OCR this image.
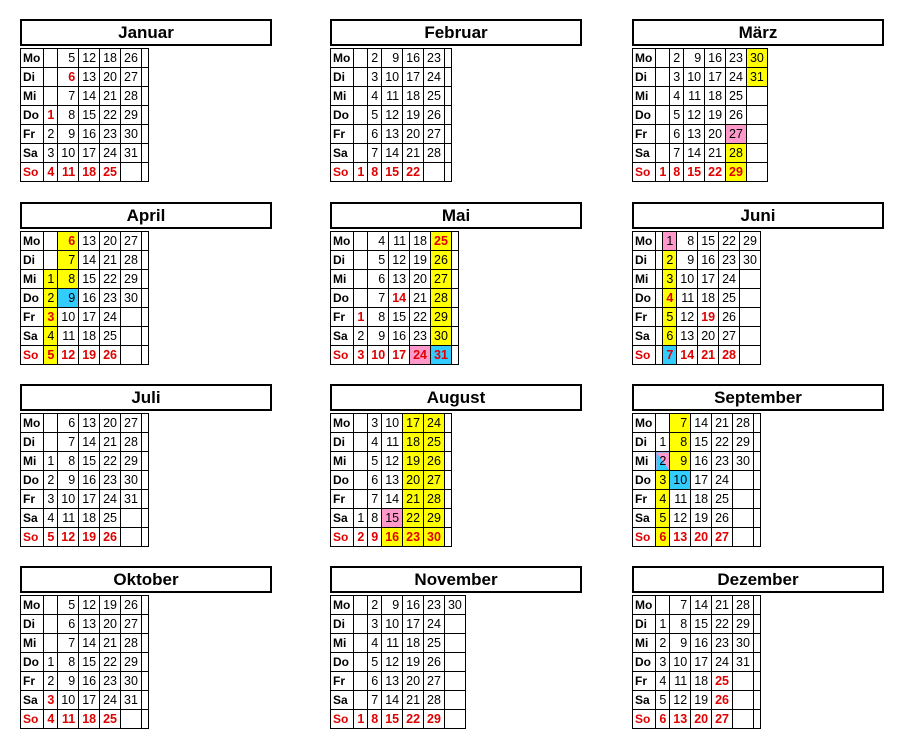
Januar
Mo		5	12	18	26	
Di		6	13	20	27	
Mi		7	14	21	28	
Do	1	8	15	22	29	
Fr	2	9	16	23	30	
Sa	3	10	17	24	31	
So	4	11	18	25		
Februar
Mo		2	9	16	23	
Di		3	10	17	24	
Mi		4	11	18	25	
Do		5	12	19	26	
Fr		6	13	20	27	
Sa		7	14	21	28	
So	1	8	15	22		
März
Mo		2	9	16	23	30
Di		3	10	17	24	31
Mi		4	11	18	25	
Do		5	12	19	26	
Fr		6	13	20	27	
Sa		7	14	21	28	
So	1	8	15	22	29	
April
Mo		6	13	20	27	
Di		7	14	21	28	
Mi	1	8	15	22	29	
Do	2	9	16	23	30	
Fr	3	10	17	24		
Sa	4	11	18	25		
So	5	12	19	26		
Mai
Mo		4	11	18	25	
Di		5	12	19	26	
Mi		6	13	20	27	
Do		7	14	21	28	
Fr	1	8	15	22	29	
Sa	2	9	16	23	30	
So	3	10	17	24	31	
Juni
Mo		1	8	15	22	29
Di		2	9	16	23	30
Mi		3	10	17	24	
Do		4	11	18	25	
Fr		5	12	19	26	
Sa		6	13	20	27	
So		7	14	21	28	
Juli
Mo		6	13	20	27	
Di		7	14	21	28	
Mi	1	8	15	22	29	
Do	2	9	16	23	30	
Fr	3	10	17	24	31	
Sa	4	11	18	25		
So	5	12	19	26		
August
Mo		3	10	17	24	
Di		4	11	18	25	
Mi		5	12	19	26	
Do		6	13	20	27	
Fr		7	14	21	28	
Sa	1	8	15	22	29	
So	2	9	16	23	30	
September
Mo		7	14	21	28	
Di	1	8	15	22	29	
Mi	2	9	16	23	30	
Do	3	10	17	24		
Fr	4	11	18	25		
Sa	5	12	19	26		
So	6	13	20	27		
Oktober
Mo		5	12	19	26	
Di		6	13	20	27	
Mi		7	14	21	28	
Do	1	8	15	22	29	
Fr	2	9	16	23	30	
Sa	3	10	17	24	31	
So	4	11	18	25		
November
Mo		2	9	16	23	30
Di		3	10	17	24	
Mi		4	11	18	25	
Do		5	12	19	26	
Fr		6	13	20	27	
Sa		7	14	21	28	
So	1	8	15	22	29	
Dezember
Mo		7	14	21	28	
Di	1	8	15	22	29	
Mi	2	9	16	23	30	
Do	3	10	17	24	31	
Fr	4	11	18	25		
Sa	5	12	19	26		
So	6	13	20	27		
